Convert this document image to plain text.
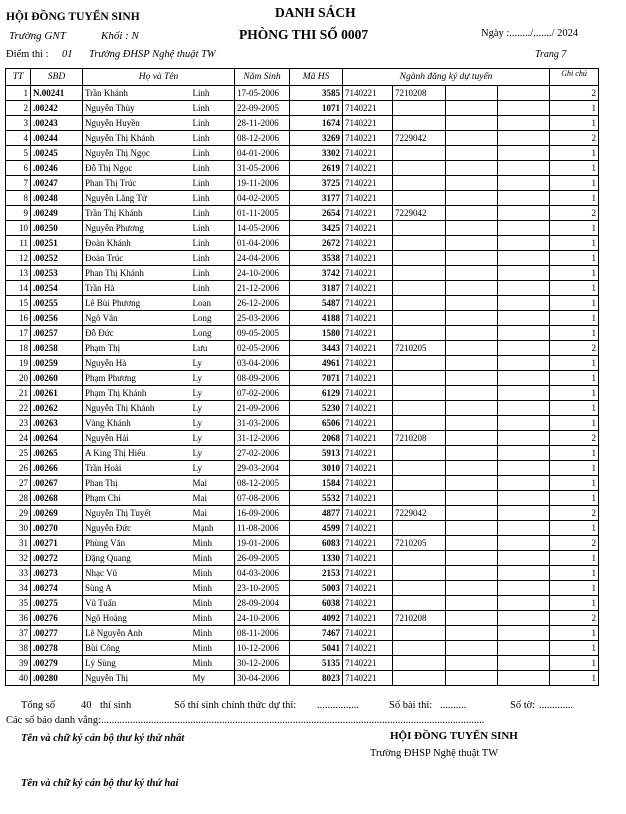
HỘI ĐỒNG TUYỂN SINH
Trường GNT	Khối : N
Điểm thi : 01 Trường ĐHSP Nghệ thuật TW
DANH SÁCH
PHÒNG THI SỐ 0007	Ngày :......../......./ 2024
Trang 7
TT	SBD	Họ và Tên		Năm Sinh	Mã HS	Ngành đăng ký dự tuyển				Ghi chú
1	N.00241	Trần Khánh	Linh	17-05-2006	3585	7140221	7210208			2
2	.00242	Nguyễn Thùy	Linh	22-09-2005	1071	7140221				1
3	.00243	Nguyễn Huyền	Linh	28-11-2006	1674	7140221				1
4	.00244	Nguyễn Thị Khánh	Linh	08-12-2006	3269	7140221	7229042			2
5	.00245	Nguyễn Thị Ngọc	Linh	04-01-2006	3302	7140221				1
6	.00246	Đỗ Thị Ngọc	Linh	31-05-2006	2619	7140221				1
7	.00247	Phan Thị Trúc	Linh	19-11-2006	3725	7140221				1
8	.00248	Nguyễn Lăng Tử	Linh	04-02-2005	3177	7140221				1
9	.00249	Trần Thị Khánh	Linh	01-11-2005	2654	7140221	7229042			2
10	.00250	Nguyễn Phương	Linh	14-05-2006	3425	7140221				1
11	.00251	Đoàn Khánh	Linh	01-04-2006	2672	7140221				1
12	.00252	Đoàn Trúc	Linh	24-04-2006	3538	7140221				1
13	.00253	Phan Thị Khánh	Linh	24-10-2006	3742	7140221				1
14	.00254	Trần Hà	Linh	21-12-2006	3187	7140221				1
15	.00255	Lê Bùi Phương	Loan	26-12-2006	5487	7140221				1
16	.00256	Ngô Vân	Long	25-03-2006	4188	7140221				1
17	.00257	Đỗ Đức	Long	09-05-2005	1580	7140221				1
18	.00258	Phạm Thị	Lưu	02-05-2006	3443	7140221	7210205			2
19	.00259	Nguyễn Hà	Ly	03-04-2006	4961	7140221				1
20	.00260	Phạm Phương	Ly	08-09-2006	7071	7140221				1
21	.00261	Phạm Thị Khánh	Ly	07-02-2006	6129	7140221				1
22	.00262	Nguyễn Thị Khánh	Ly	21-09-2006	5230	7140221				1
23	.00263	Vàng Khánh	Ly	31-03-2006	6506	7140221				1
24	.00264	Nguyễn Hải	Ly	31-12-2006	2068	7140221	7210208			2
25	.00265	A King Thị Hiếu	Ly	27-02-2006	5913	7140221				1
26	.00266	Trần Hoài	Ly	29-03-2004	3010	7140221				1
27	.00267	Phan Thị	Mai	08-12-2005	1584	7140221				1
28	.00268	Phạm Chí	Mai	07-08-2006	5532	7140221				1
29	.00269	Nguyễn Thị Tuyết	Mai	16-09-2006	4877	7140221	7229042			2
30	.00270	Nguyễn Đức	Mạnh	11-08-2006	4599	7140221				1
31	.00271	Phùng Văn	Minh	19-01-2006	6083	7140221	7210205			2
32	.00272	Đặng Quang	Minh	26-09-2005	1330	7140221				1
33	.00273	Nhạc Vũ	Minh	04-03-2006	2153	7140221				1
34	.00274	Sùng A	Minh	23-10-2005	5003	7140221				1
35	.00275	Vũ Tuấn	Minh	28-09-2004	6038	7140221				1
36	.00276	Ngô Hoàng	Minh	24-10-2006	4092	7140221	7210208			2
37	.00277	Lê Nguyễn Anh	Minh	08-11-2006	7467	7140221				1
38	.00278	Bùi Công	Minh	10-12-2006	5041	7140221				1
39	.00279	Lý Sùng	Minh	30-12-2006	5135	7140221				1
40	.00280	Nguyễn Thị	My	30-04-2006	8023	7140221				1
Tổng số 40 thí sinh	Số thí sinh chính thức dự thi: ................	Số bài thi: ..........	Số tờ: .............
Các số báo danh vắng:..................................................................................................................................................
Tên và chữ ký cán bộ thư ký thứ nhất	HỘI ĐỒNG TUYỂN SINH
Trường ĐHSP Nghệ thuật TW
Tên và chữ ký cán bộ thư ký thứ hai
